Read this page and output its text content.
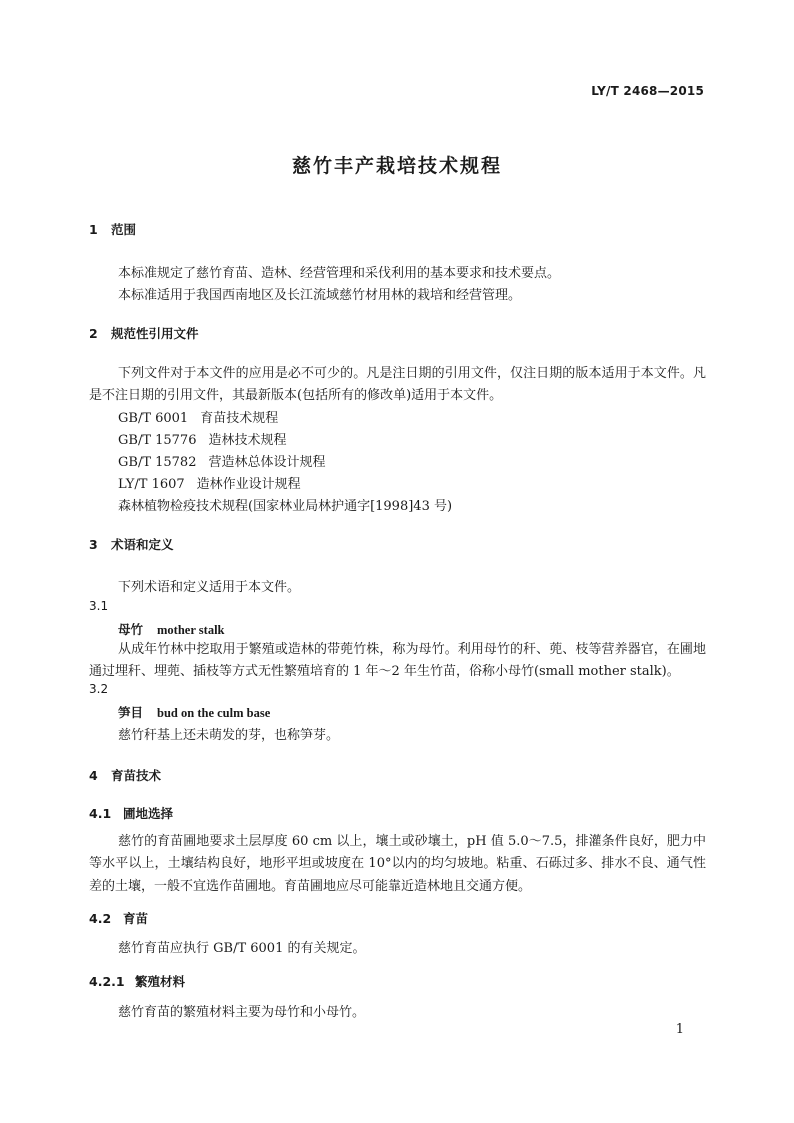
LY/T 2468—2015
慈竹丰产栽培技术规程
1 范围
本标准规定了慈竹育苗、造林、经营管理和采伐利用的基本要求和技术要点。
本标准适用于我国西南地区及长江流域慈竹材用林的栽培和经营管理。
2 规范性引用文件
下列文件对于本文件的应用是必不可少的。凡是注日期的引用文件，仅注日期的版本适用于本文件。凡是不注日期的引用文件，其最新版本(包括所有的修改单)适用于本文件。
GB/T 6001 育苗技术规程
GB/T 15776 造林技术规程
GB/T 15782 营造林总体设计规程
LY/T 1607 造林作业设计规程
森林植物检疫技术规程(国家林业局林护通字[1998]43 号)
3 术语和定义
下列术语和定义适用于本文件。
3.1
母竹 mother stalk
从成年竹林中挖取用于繁殖或造林的带蔸竹株，称为母竹。利用母竹的秆、蔸、枝等营养器官，在圃地通过埋秆、埋蔸、插枝等方式无性繁殖培育的 1 年～2 年生竹苗，俗称小母竹(small mother stalk)。
3.2
笋目 bud on the culm base
慈竹秆基上还未萌发的芽，也称笋芽。
4 育苗技术
4.1 圃地选择
慈竹的育苗圃地要求土层厚度 60 cm 以上，壤土或砂壤土，pH 值 5.0～7.5，排灌条件良好，肥力中等水平以上，土壤结构良好，地形平坦或坡度在 10°以内的均匀坡地。粘重、石砾过多、排水不良、通气性差的土壤，一般不宜选作苗圃地。育苗圃地应尽可能靠近造林地且交通方便。
4.2 育苗
慈竹育苗应执行 GB/T 6001 的有关规定。
4.2.1 繁殖材料
慈竹育苗的繁殖材料主要为母竹和小母竹。
1
